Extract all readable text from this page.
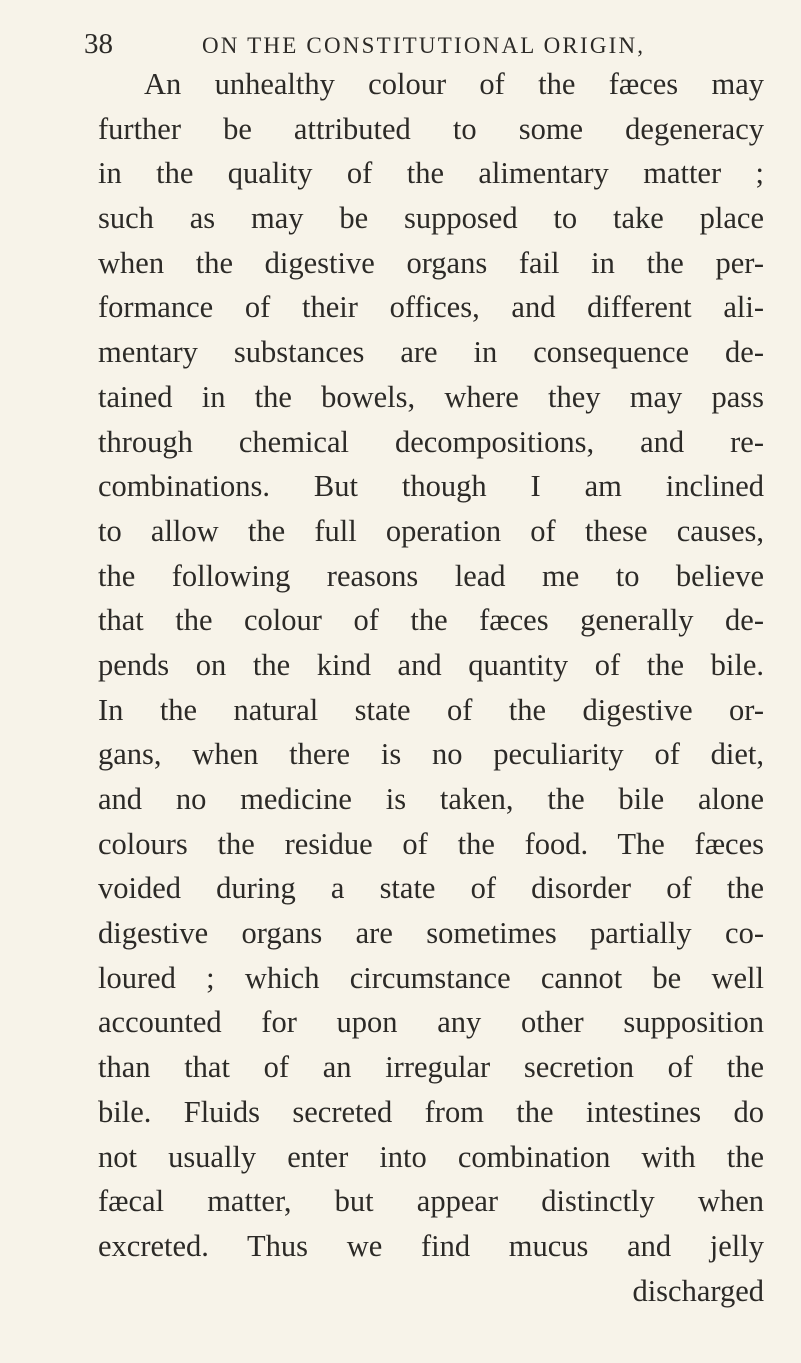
38	ON THE CONSTITUTIONAL ORIGIN,
An unhealthy colour of the fæces may
further be attributed to some degeneracy
in the quality of the alimentary matter ;
such as may be supposed to take place
when the digestive organs fail in the per-
formance of their offices, and different ali-
mentary substances are in consequence de-
tained in the bowels, where they may pass
through chemical decompositions, and re-
combinations. But though I am inclined
to allow the full operation of these causes,
the following reasons lead me to believe
that the colour of the fæces generally de-
pends on the kind and quantity of the bile.
In the natural state of the digestive or-
gans, when there is no peculiarity of diet,
and no medicine is taken, the bile alone
colours the residue of the food. The fæces
voided during a state of disorder of the
digestive organs are sometimes partially co-
loured ; which circumstance cannot be well
accounted for upon any other supposition
than that of an irregular secretion of the
bile. Fluids secreted from the intestines do
not usually enter into combination with the
fæcal matter, but appear distinctly when
excreted. Thus we find mucus and jelly
discharged
